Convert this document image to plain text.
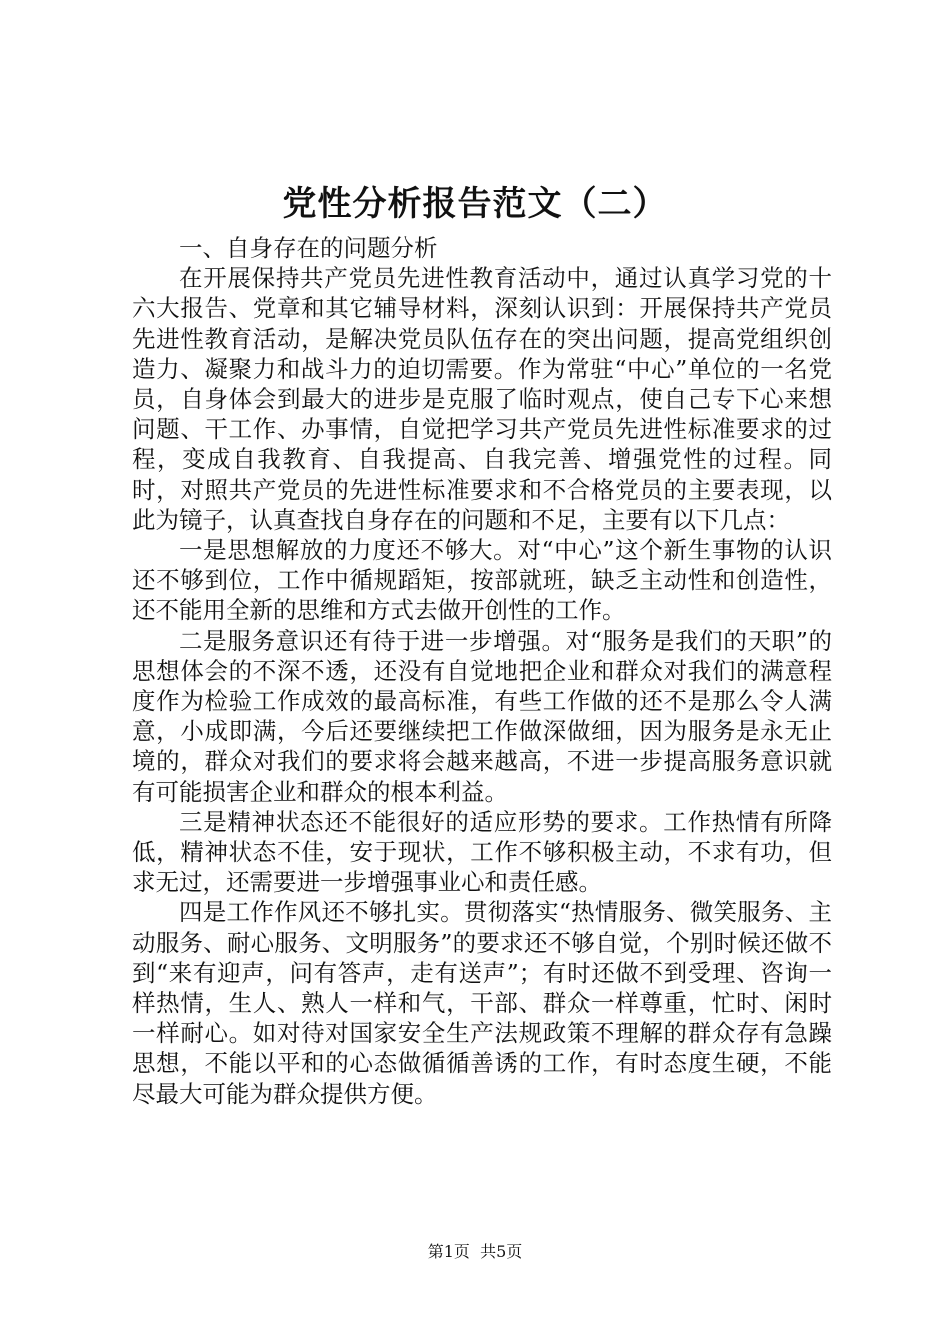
党性分析报告范文（二）

一、自身存在的问题分析

在开展保持共产党员先进性教育活动中，通过认真学习党的十六大报告、党章和其它辅导材料，深刻认识到：开展保持共产党员先进性教育活动，是解决党员队伍存在的突出问题，提高党组织创造力、凝聚力和战斗力的迫切需要。作为常驻“中心”单位的一名党员，自身体会到最大的进步是克服了临时观点，使自己专下心来想问题、干工作、办事情，自觉把学习共产党员先进性标准要求的过程，变成自我教育、自我提高、自我完善、增强党性的过程。同时，对照共产党员的先进性标准要求和不合格党员的主要表现，以此为镜子，认真查找自身存在的问题和不足，主要有以下几点：

一是思想解放的力度还不够大。对“中心”这个新生事物的认识还不够到位，工作中循规蹈矩，按部就班，缺乏主动性和创造性，还不能用全新的思维和方式去做开创性的工作。

二是服务意识还有待于进一步增强。对“服务是我们的天职”的思想体会的不深不透，还没有自觉地把企业和群众对我们的满意程度作为检验工作成效的最高标准，有些工作做的还不是那么令人满意，小成即满，今后还要继续把工作做深做细，因为服务是永无止境的，群众对我们的要求将会越来越高，不进一步提高服务意识就有可能损害企业和群众的根本利益。

三是精神状态还不能很好的适应形势的要求。工作热情有所降低，精神状态不佳，安于现状，工作不够积极主动，不求有功，但求无过，还需要进一步增强事业心和责任感。

四是工作作风还不够扎实。贯彻落实“热情服务、微笑服务、主动服务、耐心服务、文明服务”的要求还不够自觉，个别时候还做不到“来有迎声，问有答声，走有送声”；有时还做不到受理、咨询一样热情，生人、熟人一样和气，干部、群众一样尊重，忙时、闲时一样耐心。如对待对国家安全生产法规政策不理解的群众存有急躁思想，不能以平和的心态做循循善诱的工作，有时态度生硬，不能尽最大可能为群众提供方便。

第1页 共5页
